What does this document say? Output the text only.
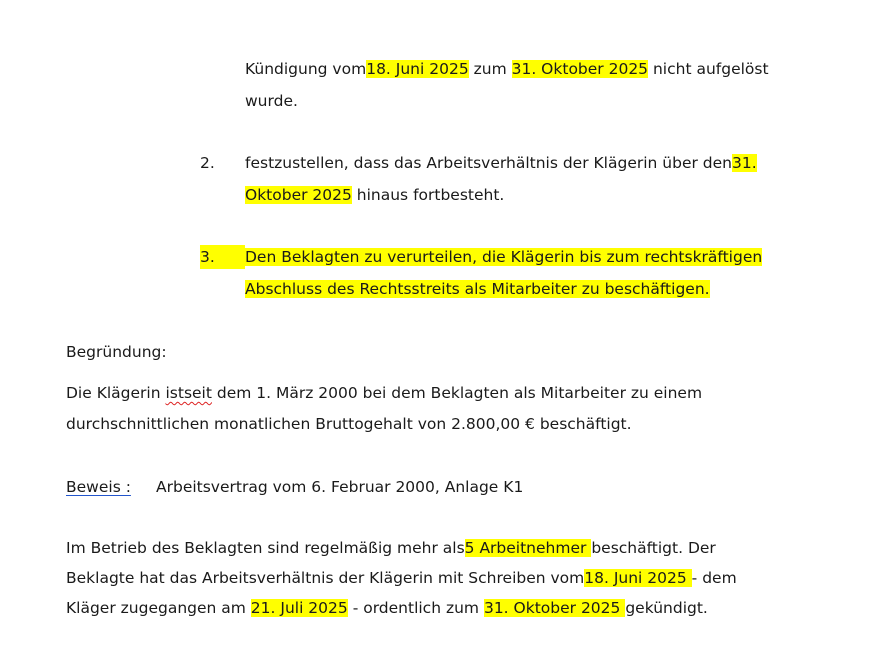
Kündigung vom18. Juni 2025 zum 31. Oktober 2025 nicht aufgelöst
wurde.
2. festzustellen, dass das Arbeitsverhältnis der Klägerin über den31.
Oktober 2025 hinaus fortbesteht.
3.	Den Beklagten zu verurteilen, die Klägerin bis zum rechtskräftigen
Abschluss des Rechtsstreits als Mitarbeiter zu beschäftigen.
Begründung:
Die Klägerin istseit dem 1. März 2000 bei dem Beklagten als Mitarbeiter zu einem
durchschnittlichen monatlichen Bruttogehalt von 2.800,00 € beschäftigt.
Beweis : Arbeitsvertrag vom 6. Februar 2000, Anlage K1
Im Betrieb des Beklagten sind regelmäßig mehr als5 Arbeitnehmer beschäftigt. Der
Beklagte hat das Arbeitsverhältnis der Klägerin mit Schreiben vom18. Juni 2025 - dem
Kläger zugegangen am 21. Juli 2025 - ordentlich zum 31. Oktober 2025 gekündigt.
